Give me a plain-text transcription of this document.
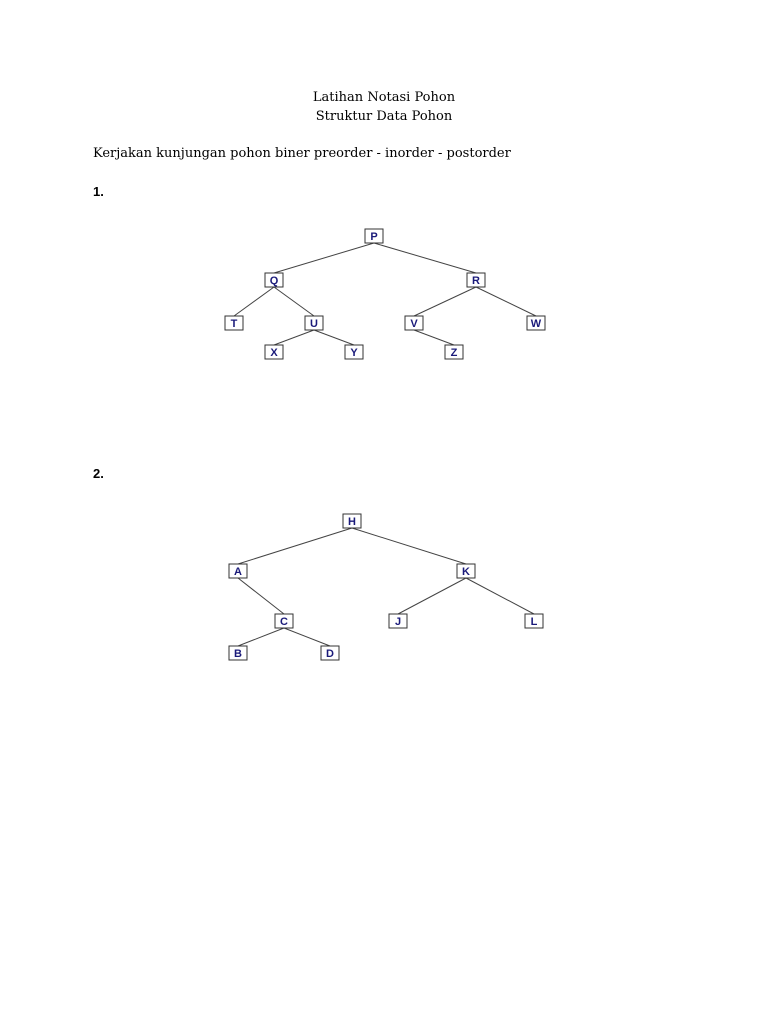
Latihan Notasi Pohon
Struktur Data Pohon
Kerjakan kunjungan pohon biner preorder - inorder - postorder
1.
2.
P
Q	R
T	U	V	W
X	Y	Z
H
A	K
C	J	L
B	D
